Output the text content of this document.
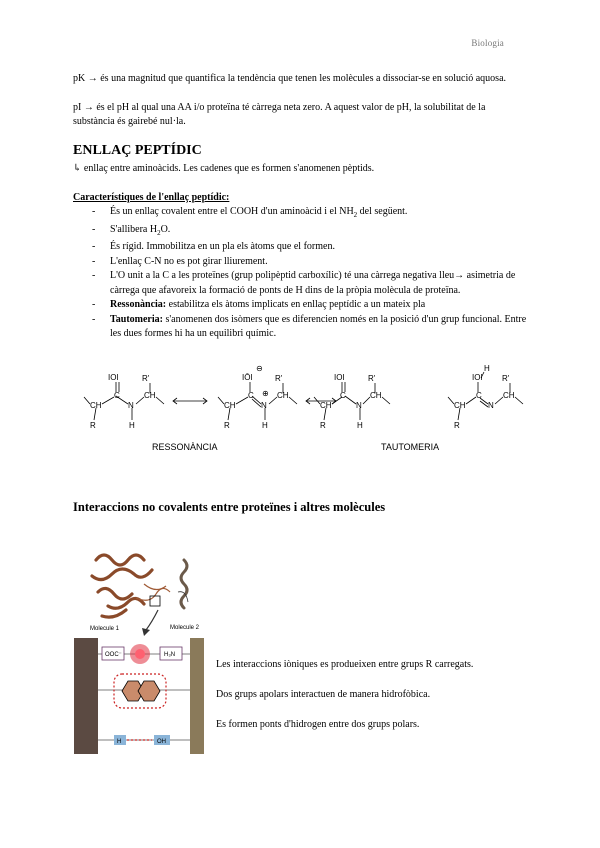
Biologia
pK → és una magnitud que quantifica la tendència que tenen les molècules a dissociar-se en solució aquosa.
pI → és el pH al qual una AA i/o proteïna té càrrega neta zero. A aquest valor de pH, la solubilitat de la substància és gairebé nul·la.
ENLLAÇ PEPTÍDIC
↳ enllaç entre aminoàcids. Les cadenes que es formen s'anomenen pèptids.
Característiques de l'enllaç peptídic:
- És un enllaç covalent entre el COOH d'un aminoàcid i el $NH_2$ del següent.
- S'allibera $H_2O$.
- És rígid. Immobilitza en un pla els àtoms que el formen.
- L'enllaç C-N no es pot girar lliurement.
- L'O unit a la C a les proteïnes (grup polipèptid carboxílic) té una càrrega negativa lleu→ asimetria de càrrega que afavoreix la formació de ponts de H dins de la pròpia molècula de proteïna.
- Ressonància: estabilitza els àtoms implicats en enllaç peptídic a un mateix pla
- Tautomeria: s'anomenen dos isòmers que es diferencien només en la posició d'un grup funcional. Entre les dues formes hi ha un equilibri químic.
IOI
CH
C
N
R'
CH
R	H
IŌI
⊖
CH
C
N
⊕
R'
CH
R	H
IOI
CH
C
N
R'
CH
R	H
H
IOI
CH
C
N
R'
CH
R
RESSONÀNCIA	TAUTOMERIA
Interaccions no covalents entre proteïnes i altres molècules
Molecule 1	Molecule 2
OOC⁻	H₃N
H	OH
Les interaccions iòniques es produeixen entre grups R carregats.
Dos grups apolars interactuen de manera hidrofòbica.
Es formen ponts d'hidrogen entre dos grups polars.
